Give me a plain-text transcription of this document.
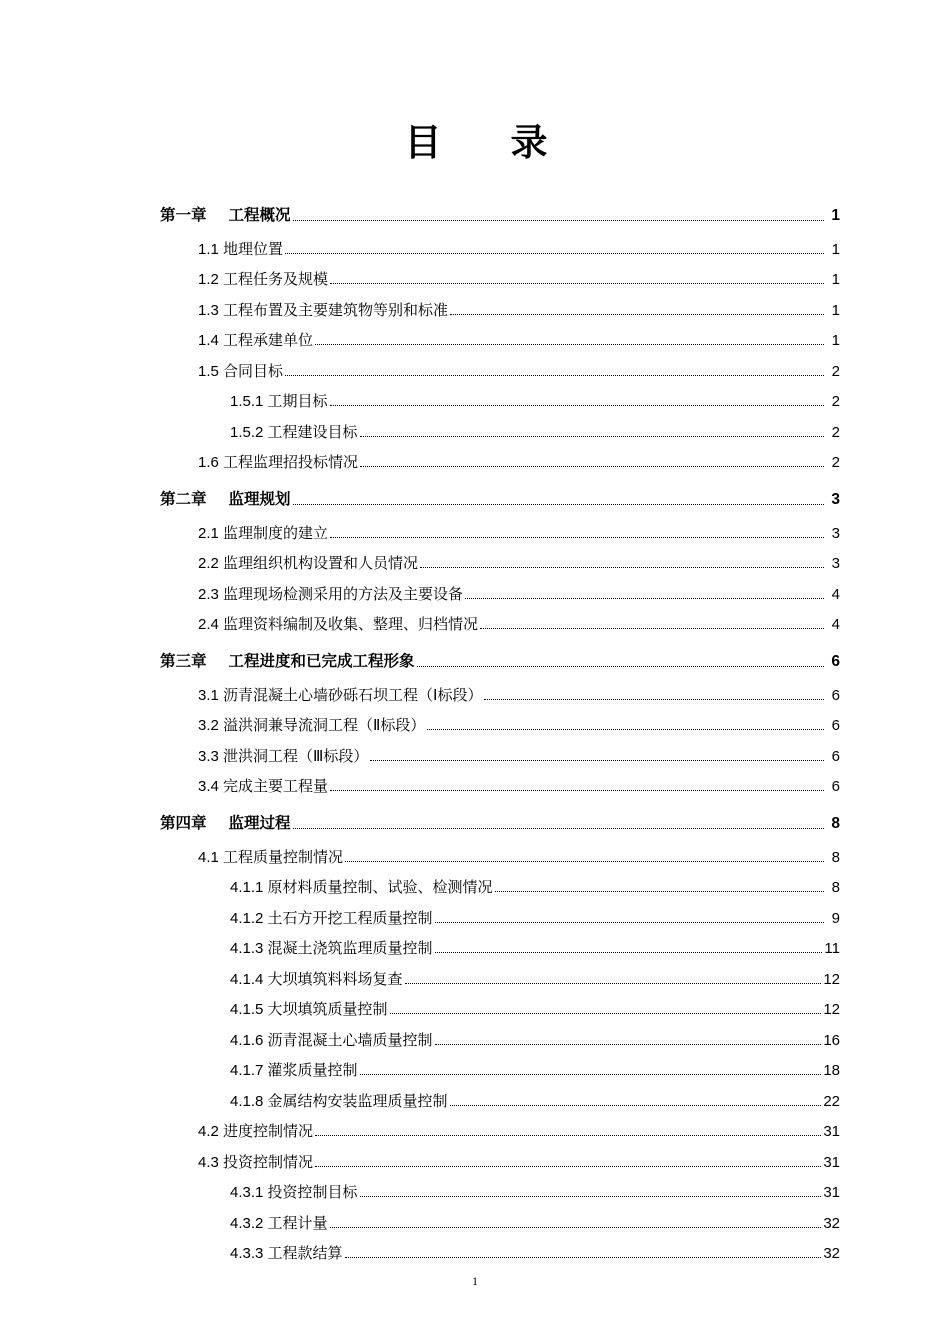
目　录
第一章 工程概况	1
1.1 地理位置	1
1.2 工程任务及规模	1
1.3 工程布置及主要建筑物等别和标准	1
1.4 工程承建单位	1
1.5 合同目标	2
1.5.1 工期目标	2
1.5.2 工程建设目标	2
1.6 工程监理招投标情况	2
第二章 监理规划	3
2.1 监理制度的建立	3
2.2 监理组织机构设置和人员情况	3
2.3 监理现场检测采用的方法及主要设备	4
2.4 监理资料编制及收集、整理、归档情况	4
第三章 工程进度和已完成工程形象	6
3.1 沥青混凝土心墙砂砾石坝工程（Ⅰ标段）	6
3.2 溢洪洞兼导流洞工程（Ⅱ标段）	6
3.3 泄洪洞工程（Ⅲ标段）	6
3.4 完成主要工程量	6
第四章 监理过程	8
4.1 工程质量控制情况	8
4.1.1 原材料质量控制、试验、检测情况	8
4.1.2 土石方开挖工程质量控制	9
4.1.3 混凝土浇筑监理质量控制	11
4.1.4 大坝填筑料料场复查	12
4.1.5 大坝填筑质量控制	12
4.1.6 沥青混凝土心墙质量控制	16
4.1.7 灌浆质量控制	18
4.1.8 金属结构安装监理质量控制	22
4.2 进度控制情况	31
4.3 投资控制情况	31
4.3.1 投资控制目标	31
4.3.2 工程计量	32
4.3.3 工程款结算	32
1
